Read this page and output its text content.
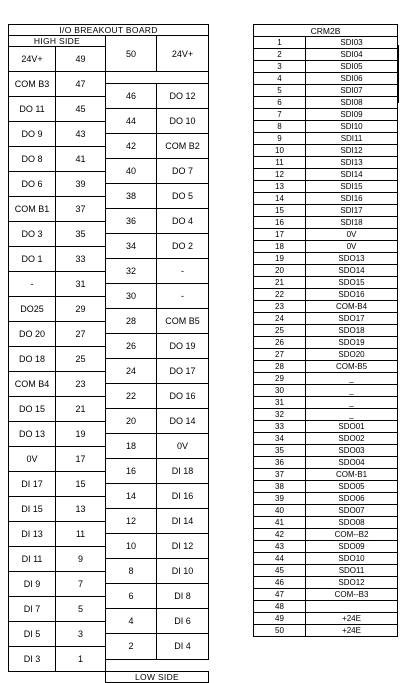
I/O BREAKOUT BOARD				
HIGH SIDE		50	24V+	
24V+	49			

COM B3	47			
		46	DO 12	
DO 11	45			
		44	DO 10	
DO 9	43			
		42	COM B2	
DO 8	41			
		40	DO 7	
DO 6	39			
		38	DO 5	
COM B1	37			
		36	DO 4	
DO 3	35			
		34	DO 2	
DO 1	33			
		32	-	
-	31			
		30	-	
DO25	29			
		28	COM B5	
DO 20	27			
		26	DO 19	
DO 18	25			
		24	DO 17	
COM B4	23			
		22	DO 16	
DO 15	21			
		20	DO 14	
DO 13	19			
		18	0V	
0V	17			
		16	DI 18	
DI 17	15			
		14	DI 16	
DI 15	13			
		12	DI 14	
DI 13	11			
		10	DI 12	
DI 11	9			
		8	DI 10	
DI 9	7			
		6	DI 8	
DI 7	5			
		4	DI 6	
DI 5	3			
		2	DI 4	
DI 3	1			

		LOW SIDE		
CRM2B	
1	SDI03
2	SDI04
3	SDI05
4	SDI06
5	SDI07
6	SDI08
7	SDI09
8	SDI10
9	SDI11
10	SDI12
11	SDI13
12	SDI14
13	SDI15
14	SDI16
15	SDI17
16	SDI18
17	0V
18	0V
19	SDO13
20	SDO14
21	SDO15
22	SDO16
23	COM-B4
24	SDO17
25	SDO18
26	SDO19
27	SDO20
28	COM-B5
29	_
30	_
31	_
32	_
33	SDO01
34	SDO02
35	SDO03
36	SDO04
37	COM-B1
38	SDO05
39	SDO06
40	SDO07
41	SDO08
42	COM--B2
43	SDO09
44	SDO10
45	SDO11
46	SDO12
47	COM--B3
48	
49	+24E
50	+24E
